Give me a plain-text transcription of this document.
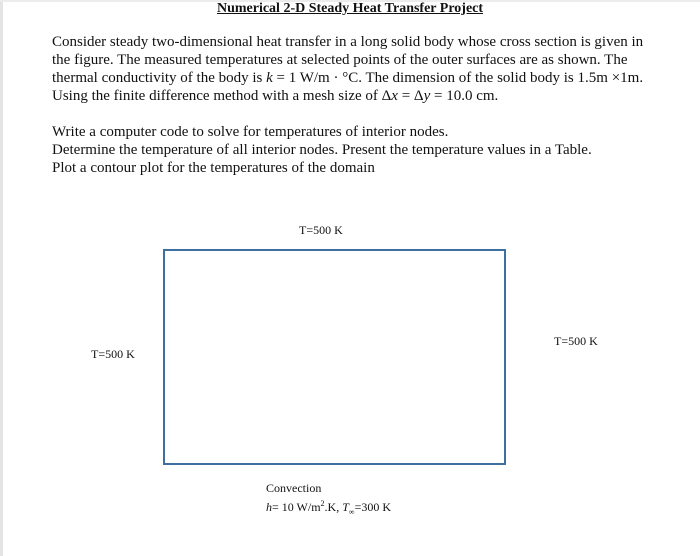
Numerical 2-D Steady Heat Transfer Project

Consider steady two-dimensional heat transfer in a long solid body whose cross section is given in the figure. The measured temperatures at selected points of the outer surfaces are as shown. The thermal conductivity of the body is k = 1 W/m · °C. The dimension of the solid body is 1.5m ×1m. Using the finite difference method with a mesh size of Δx = Δy = 10.0 cm.

Write a computer code to solve for temperatures of interior nodes.
Determine the temperature of all interior nodes. Present the temperature values in a Table.
Plot a contour plot for the temperatures of the domain
T=500 K
T=500 K
T=500 K
Convection
h= 10 $W/m^2.K$, $T_\infty=300$ K
